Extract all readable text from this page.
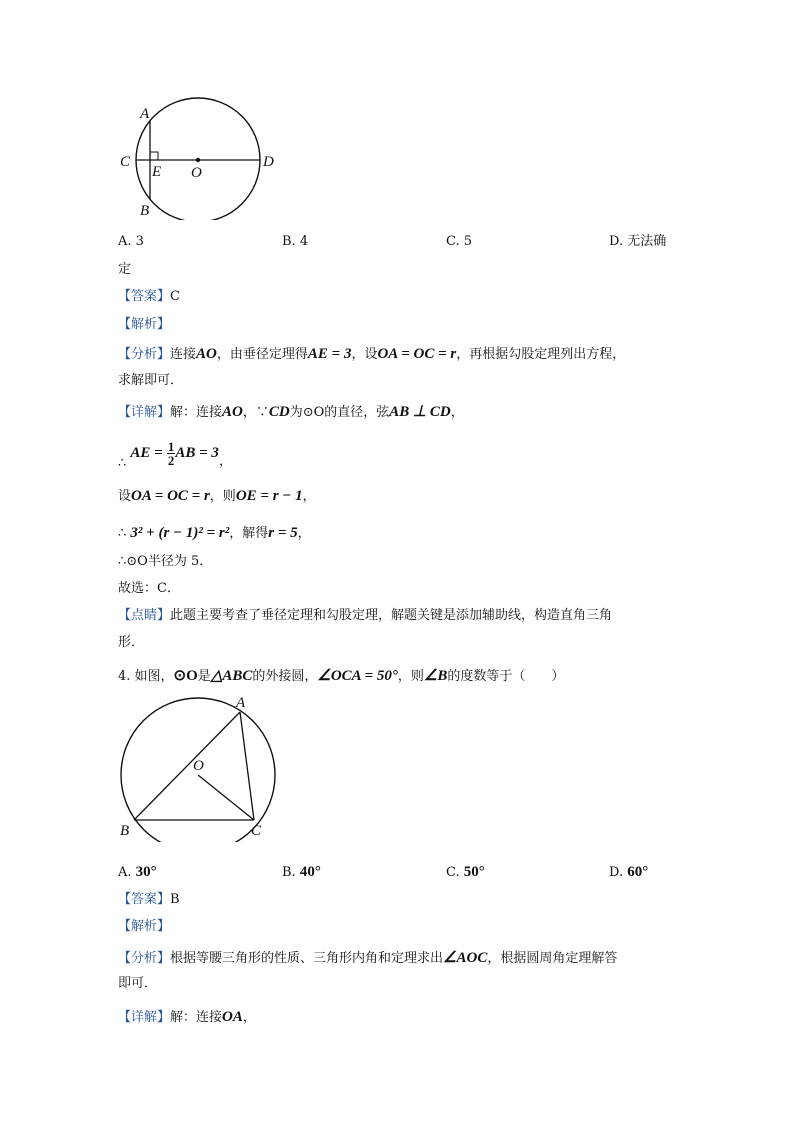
A
C
E O
D
B
A. 3	B. 4	C. 5	D. 无法确
定
【答案】C
【解析】
【分析】连接AO，由垂径定理得AE = 3，设OA = OC = r，再根据勾股定理列出方程，
求解即可．
【详解】解：连接AO，∵CD为⊙O的直径，弦AB ⊥ CD，
∴ AE = $\frac{1}{2}$ AB = 3，
设OA = OC = r，则OE = r − 1，
∴ 3² + (r − 1)² = r²，解得r = 5，
∴⊙O半径为 5．
故选：C．
【点睛】此题主要考查了垂径定理和勾股定理，解题关键是添加辅助线，构造直角三角
形．
4. 如图，⊙O是△ABC的外接圆，∠OCA = 50°，则∠B的度数等于（　　）
A
O
B	C
A. 30°	B. 40°	C. 50°	D. 60°
【答案】B
【解析】
【分析】根据等腰三角形的性质、三角形内角和定理求出∠AOC，根据圆周角定理解答
即可．
【详解】解：连接OA，
